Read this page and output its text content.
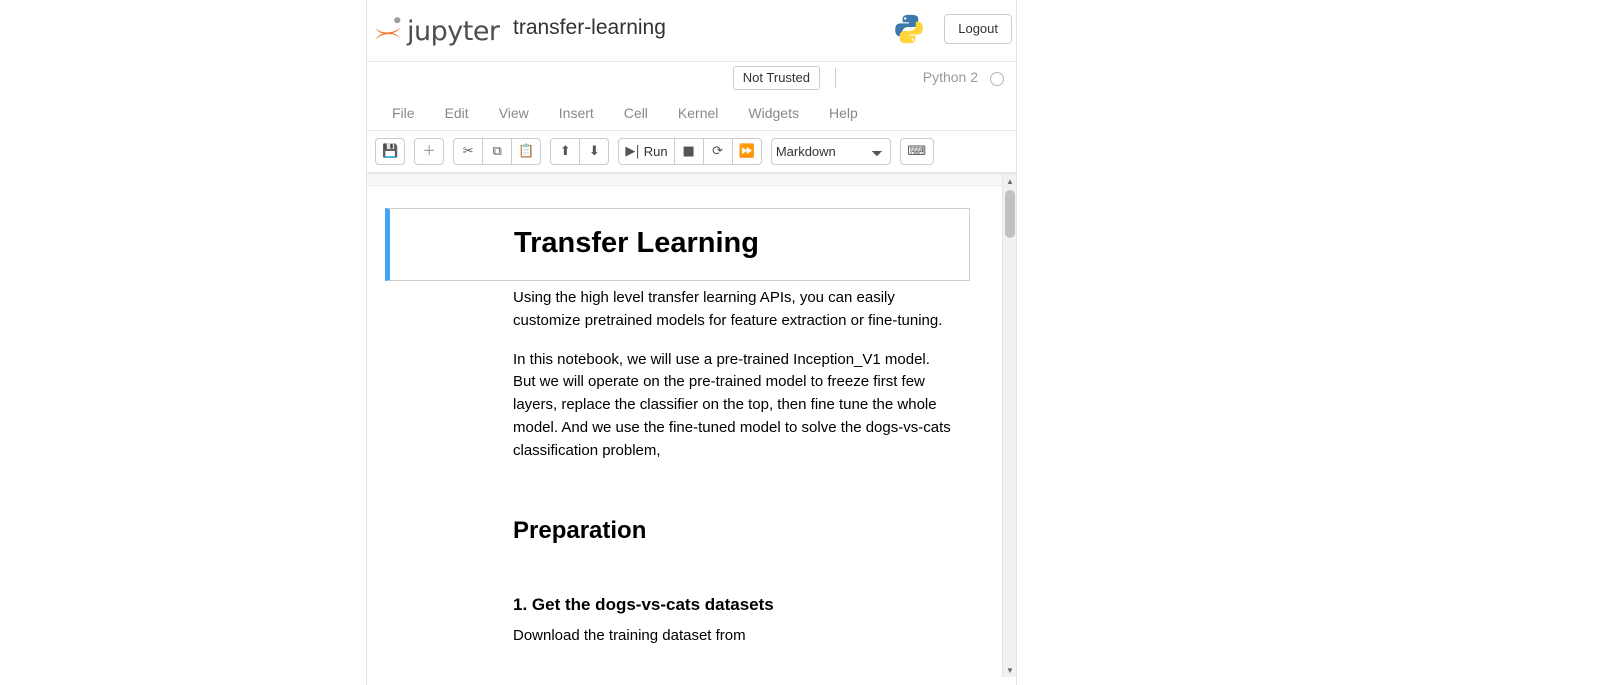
jupyter transfer-learning	Logout
Not Trusted	Python 2
File	Edit	View	Insert	Cell	Kernel	Widgets	Help
💾 ＋ ✂ ⧉ 📋 ⬆ ⬇ ▶| Run ■ ⟳ ⏩
Markdown	⌨
Transfer Learning

Using the high level transfer learning APIs, you can easily customize pretrained models for feature extraction or fine-tuning.

In this notebook, we will use a pre-trained Inception_V1 model. But we will operate on the pre-trained model to freeze first few layers, replace the classifier on the top, then fine tune the whole model. And we use the fine-tuned model to solve the dogs-vs-cats classification problem,

Preparation
1. Get the dogs-vs-cats datasets

Download the training dataset from

▲
▼
